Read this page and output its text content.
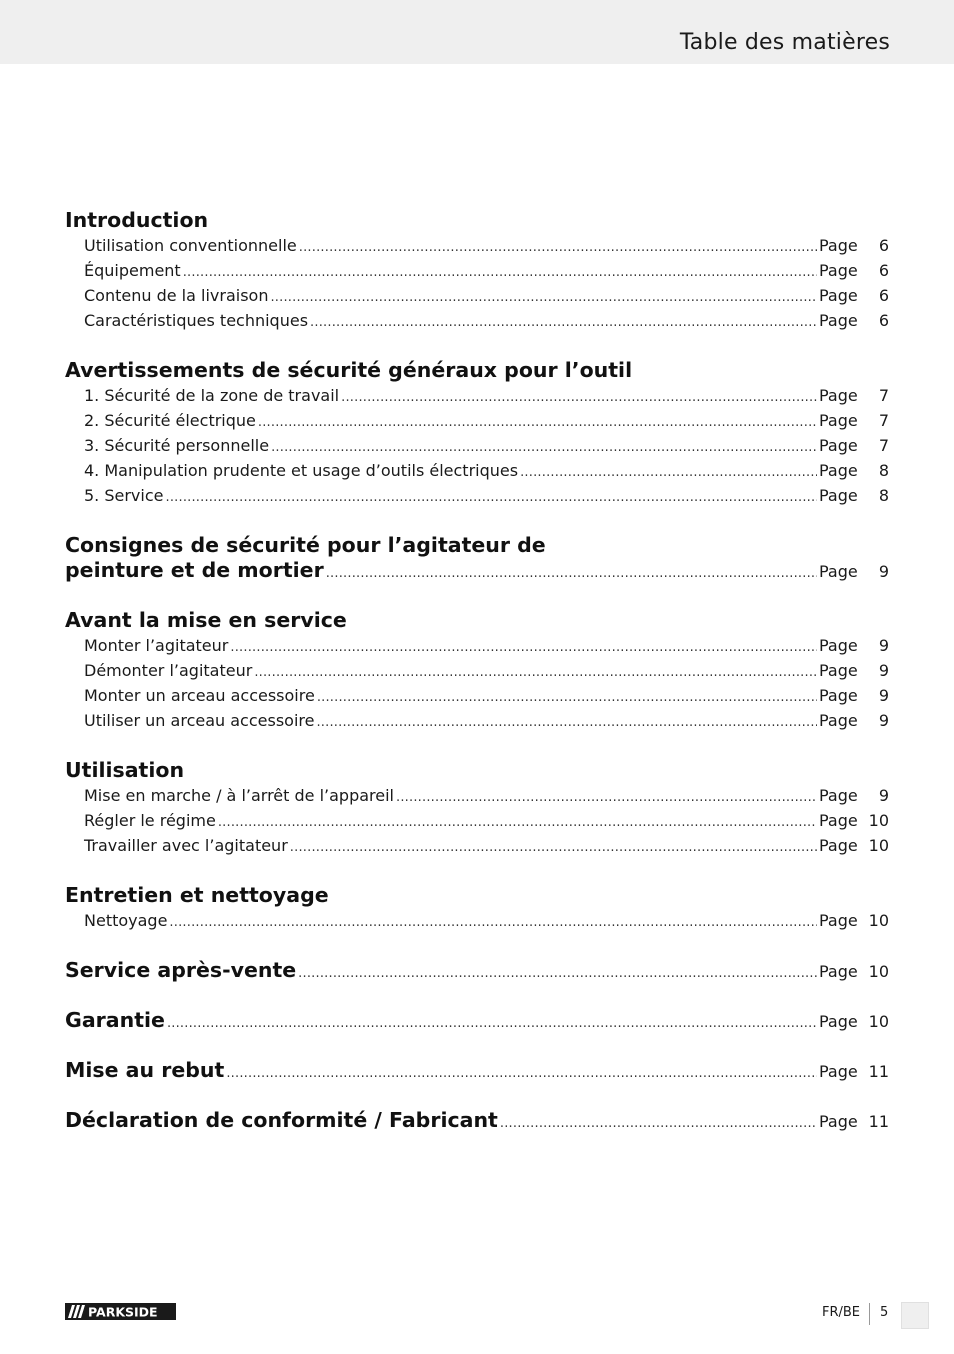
Table des matières
Introduction
Utilisation conventionnelle .....	Page	6
Équipement .....	Page	6
Contenu de la livraison .....	Page	6
Caractéristiques techniques .....	Page	6
Avertissements de sécurité généraux pour l’outil
1. Sécurité de la zone de travail .....	Page	7
2. Sécurité électrique .....	Page	7
3. Sécurité personnelle .....	Page	7
4. Manipulation prudente et usage d’outils électriques .....	Page	8
5. Service .....	Page	8
Consignes de sécurité pour l’agitateur de
peinture et de mortier .....	Page	9
Avant la mise en service
Monter l’agitateur .....	Page	9
Démonter l’agitateur .....	Page	9
Monter un arceau accessoire .....	Page	9
Utiliser un arceau accessoire .....	Page	9
Utilisation
Mise en marche / à l’arrêt de l’appareil .....	Page	9
Régler le régime .....	Page 10
Travailler avec l’agitateur .....	Page 10
Entretien et nettoyage
Nettoyage .....	Page 10
Service après-vente .....	Page 10
Garantie .....	Page 10
Mise au rebut .....	Page 11
Déclaration de conformité / Fabricant .....	Page 11
PARKSIDE	FR/BE 5
